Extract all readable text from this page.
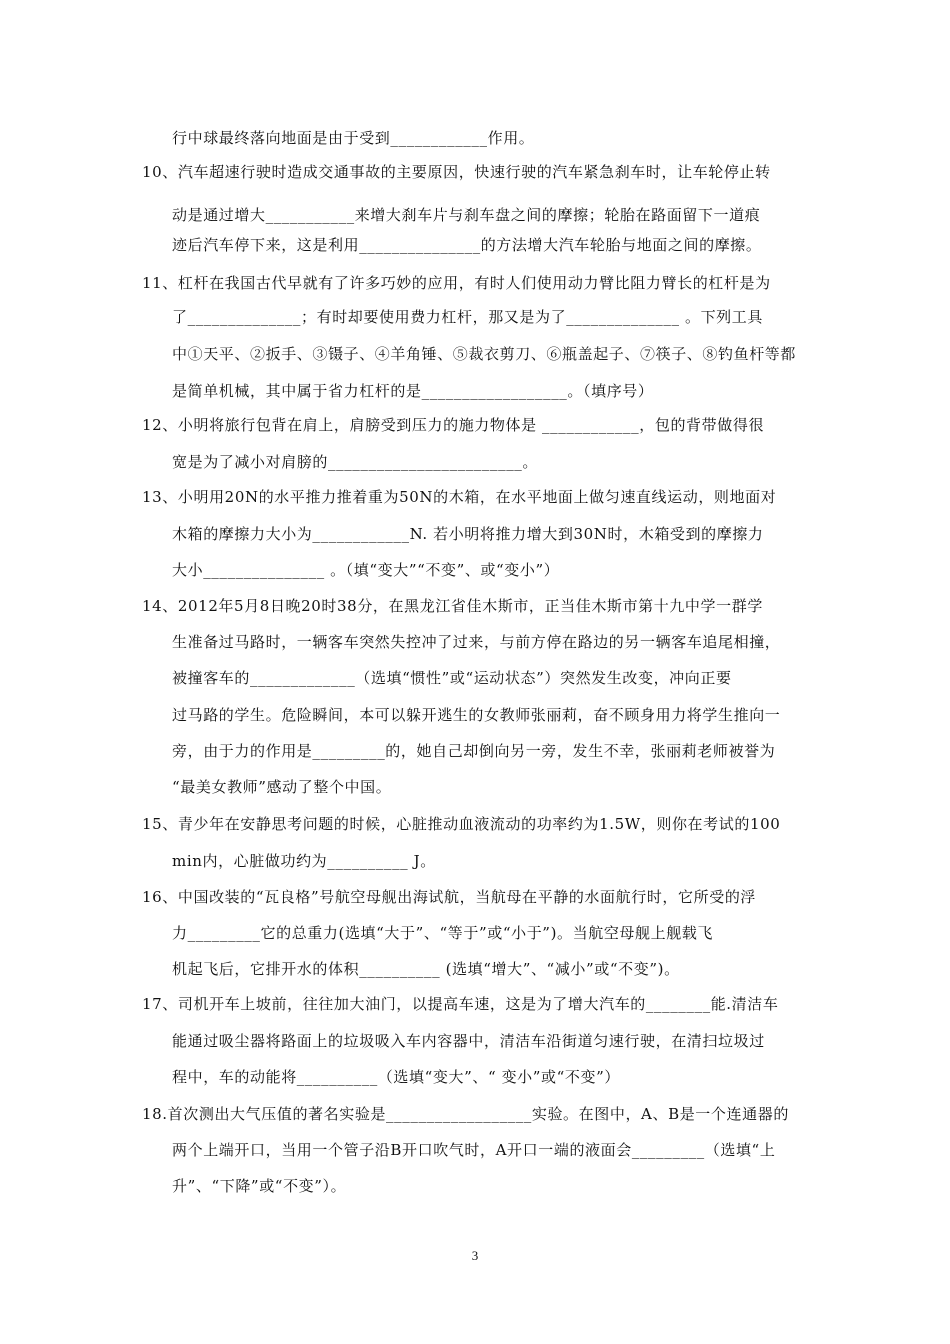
行中球最终落向地面是由于受到____________作用。
10、汽车超速行驶时造成交通事故的主要原因，快速行驶的汽车紧急刹车时，让车轮停止转
动是通过增大___________来增大刹车片与刹车盘之间的摩擦；轮胎在路面留下一道痕
迹后汽车停下来，这是利用_______________的方法增大汽车轮胎与地面之间的摩擦。
11、杠杆在我国古代早就有了许多巧妙的应用，有时人们使用动力臂比阻力臂长的杠杆是为
了______________；有时却要使用费力杠杆，那又是为了______________ 。下列工具
中①天平、②扳手、③镊子、④羊角锤、⑤裁衣剪刀、⑥瓶盖起子、⑦筷子、⑧钓鱼杆等都
是简单机械，其中属于省力杠杆的是__________________。（填序号）
12、小明将旅行包背在肩上，肩膀受到压力的施力物体是 ____________，包的背带做得很
宽是为了减小对肩膀的________________________。
13、小明用20N的水平推力推着重为50N的木箱，在水平地面上做匀速直线运动，则地面对
木箱的摩擦力大小为____________N. 若小明将推力增大到30N时，木箱受到的摩擦力
大小_______________ 。（填“变大”“不变”、或“变小”）
14、2012年5月8日晚20时38分，在黑龙江省佳木斯市，正当佳木斯市第十九中学一群学
生准备过马路时，一辆客车突然失控冲了过来，与前方停在路边的另一辆客车追尾相撞，
被撞客车的_____________（选填“惯性”或“运动状态”）突然发生改变，冲向正要
过马路的学生。危险瞬间，本可以躲开逃生的女教师张丽莉，奋不顾身用力将学生推向一
旁，由于力的作用是_________的，她自己却倒向另一旁，发生不幸，张丽莉老师被誉为
“最美女教师”感动了整个中国。
15、青少年在安静思考问题的时候，心脏推动血液流动的功率约为1.5W，则你在考试的100
min内，心脏做功约为__________ J。
16、中国改装的“瓦良格”号航空母舰出海试航，当航母在平静的水面航行时，它所受的浮
力_________它的总重力(选填“大于”、“等于”或“小于”)。当航空母舰上舰载飞
机起飞后，它排开水的体积__________ (选填“增大”、“减小”或“不变”)。
17、司机开车上坡前，往往加大油门，以提高车速，这是为了增大汽车的________能.清洁车
能通过吸尘器将路面上的垃圾吸入车内容器中，清洁车沿街道匀速行驶，在清扫垃圾过
程中，车的动能将__________（选填“变大”、“ 变小”或“不变”）
18.首次测出大气压值的著名实验是__________________实验。在图中，A、B是一个连通器的
两个上端开口，当用一个管子沿B开口吹气时，A开口一端的液面会_________（选填“上
升”、“下降”或“不变”）。
3
